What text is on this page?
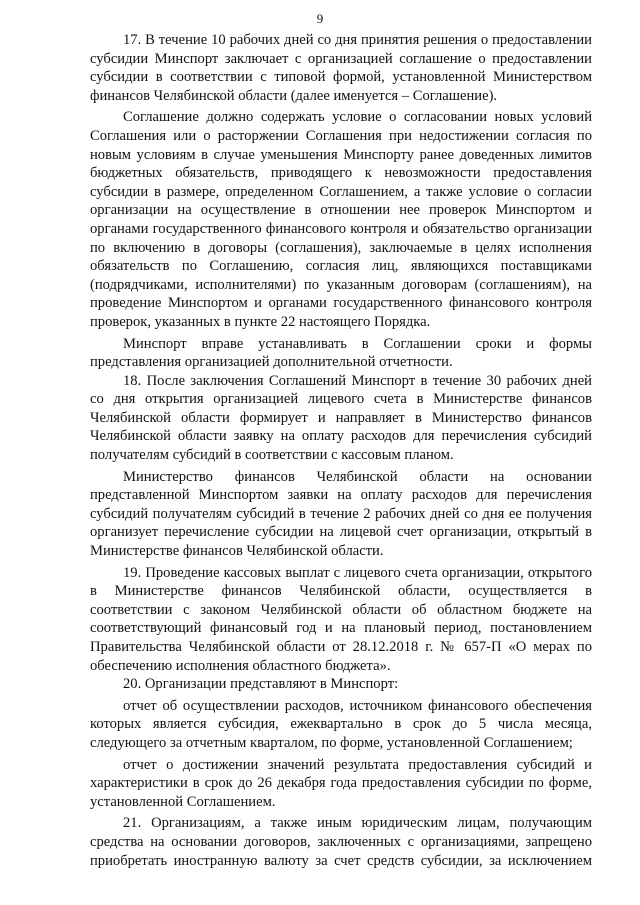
9

17. В течение 10 рабочих дней со дня принятия решения о предоставлении субсидии Минспорт заключает с организацией соглашение о предоставлении субсидии в соответствии с типовой формой, установленной Министерством финансов Челябинской области (далее именуется – Соглашение).

Соглашение должно содержать условие о согласовании новых условий Соглашения или о расторжении Соглашения при недостижении согласия по новым условиям в случае уменьшения Минспорту ранее доведенных лимитов бюджетных обязательств, приводящего к невозможности предоставления субсидии в размере, определенном Соглашением, а также условие о согласии организации на осуществление в отношении нее проверок Минспортом и органами государственного финансового контроля и обязательство организации по включению в договоры (соглашения), заключаемые в целях исполнения обязательств по Соглашению, согласия лиц, являющихся поставщиками (подрядчиками, исполнителями) по указанным договорам (соглашениям), на проведение Минспортом и органами государственного финансового контроля проверок, указанных в пункте 22 настоящего Порядка.

Минспорт вправе устанавливать в Соглашении сроки и формы представления организацией дополнительной отчетности.

18. После заключения Соглашений Минспорт в течение 30 рабочих дней со дня открытия организацией лицевого счета в Министерстве финансов Челябинской области формирует и направляет в Министерство финансов Челябинской области заявку на оплату расходов для перечисления субсидий получателям субсидий в соответствии с кассовым планом.

Министерство финансов Челябинской области на основании представленной Минспортом заявки на оплату расходов для перечисления субсидий получателям субсидий в течение 2 рабочих дней со дня ее получения организует перечисление субсидии на лицевой счет организации, открытый в Министерстве финансов Челябинской области.

19. Проведение кассовых выплат с лицевого счета организации, открытого в Министерстве финансов Челябинской области, осуществляется в соответствии с законом Челябинской области об областном бюджете на соответствующий финансовый год и на плановый период, постановлением Правительства Челябинской области от 28.12.2018 г. № 657-П «О мерах по обеспечению исполнения областного бюджета».

20. Организации представляют в Минспорт:

отчет об осуществлении расходов, источником финансового обеспечения которых является субсидия, ежеквартально в срок до 5 числа месяца, следующего за отчетным кварталом, по форме, установленной Соглашением;

отчет о достижении значений результата предоставления субсидий и характеристики в срок до 26 декабря года предоставления субсидии по форме, установленной Соглашением.

21. Организациям, а также иным юридическим лицам, получающим средства на основании договоров, заключенных с организациями, запрещено приобретать иностранную валюту за счет средств субсидии, за исключением
